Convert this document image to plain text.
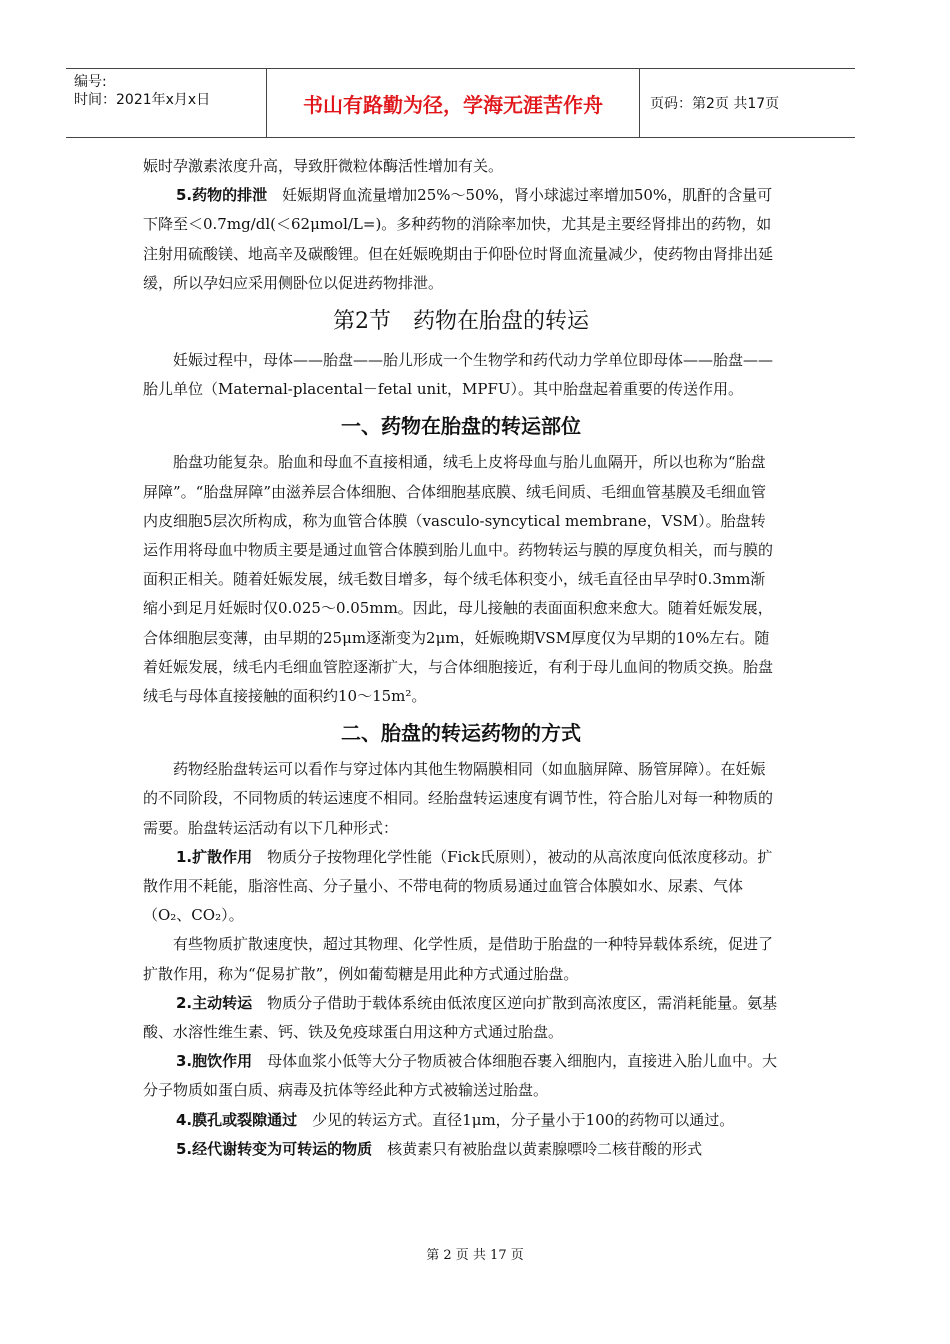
编号:
时间：2021年x月x日	书山有路勤为径，学海无涯苦作舟	页码：第2页 共17页

娠时孕激素浓度升高，导致肝微粒体酶活性增加有关。

5.药物的排泄　 妊娠期肾血流量增加25%～50%，肾小球滤过率增加50%，肌酐的含量可下降至＜0.7mg/dl(＜62μmol/L=)。多种药物的消除率加快，尤其是主要经肾排出的药物，如注射用硫酸镁、地高辛及碳酸锂。但在妊娠晚期由于仰卧位时肾血流量减少，使药物由肾排出延缓，所以孕妇应采用侧卧位以促进药物排泄。

第2节　药物在胎盘的转运

妊娠过程中，母体——胎盘——胎儿形成一个生物学和药代动力学单位即母体——胎盘——胎儿单位（Maternal-placental－fetal unit，MPFU）。其中胎盘起着重要的传送作用。

一、药物在胎盘的转运部位

胎盘功能复杂。胎血和母血不直接相通，绒毛上皮将母血与胎儿血隔开，所以也称为“胎盘屏障”。“胎盘屏障”由滋养层合体细胞、合体细胞基底膜、绒毛间质、毛细血管基膜及毛细血管内皮细胞5层次所构成，称为血管合体膜（vasculo-syncytical membrane，VSM）。胎盘转运作用将母血中物质主要是通过血管合体膜到胎儿血中。药物转运与膜的厚度负相关，而与膜的面积正相关。随着妊娠发展，绒毛数目增多，每个绒毛体积变小，绒毛直径由早孕时0.3mm渐缩小到足月妊娠时仅0.025～0.05mm。因此，母儿接触的表面面积愈来愈大。随着妊娠发展，合体细胞层变薄，由早期的25μm逐渐变为2μm，妊娠晚期VSM厚度仅为早期的10%左右。随着妊娠发展，绒毛内毛细血管腔逐渐扩大，与合体细胞接近，有利于母儿血间的物质交换。胎盘绒毛与母体直接接触的面积约10～15m²。

二、胎盘的转运药物的方式

药物经胎盘转运可以看作与穿过体内其他生物隔膜相同（如血脑屏障、肠管屏障）。在妊娠的不同阶段，不同物质的转运速度不相同。经胎盘转运速度有调节性，符合胎儿对每一种物质的需要。胎盘转运活动有以下几种形式：

1.扩散作用　 物质分子按物理化学性能（Fick氏原则），被动的从高浓度向低浓度移动。扩散作用不耗能，脂溶性高、分子量小、不带电荷的物质易通过血管合体膜如水、尿素、气体（O₂、CO₂）。

有些物质扩散速度快，超过其物理、化学性质，是借助于胎盘的一种特异载体系统，促进了扩散作用，称为“促易扩散”，例如葡萄糖是用此种方式通过胎盘。

2.主动转运　 物质分子借助于载体系统由低浓度区逆向扩散到高浓度区，需消耗能量。氨基酸、水溶性维生素、钙、铁及免疫球蛋白用这种方式通过胎盘。

3.胞饮作用　 母体血浆小低等大分子物质被合体细胞吞裹入细胞内，直接进入胎儿血中。大分子物质如蛋白质、病毒及抗体等经此种方式被输送过胎盘。

4.膜孔或裂隙通过　 少见的转运方式。直径1μm，分子量小于100的药物可以通过。

5.经代谢转变为可转运的物质　 核黄素只有被胎盘以黄素腺嘌呤二核苷酸的形式

第 2 页 共 17 页
